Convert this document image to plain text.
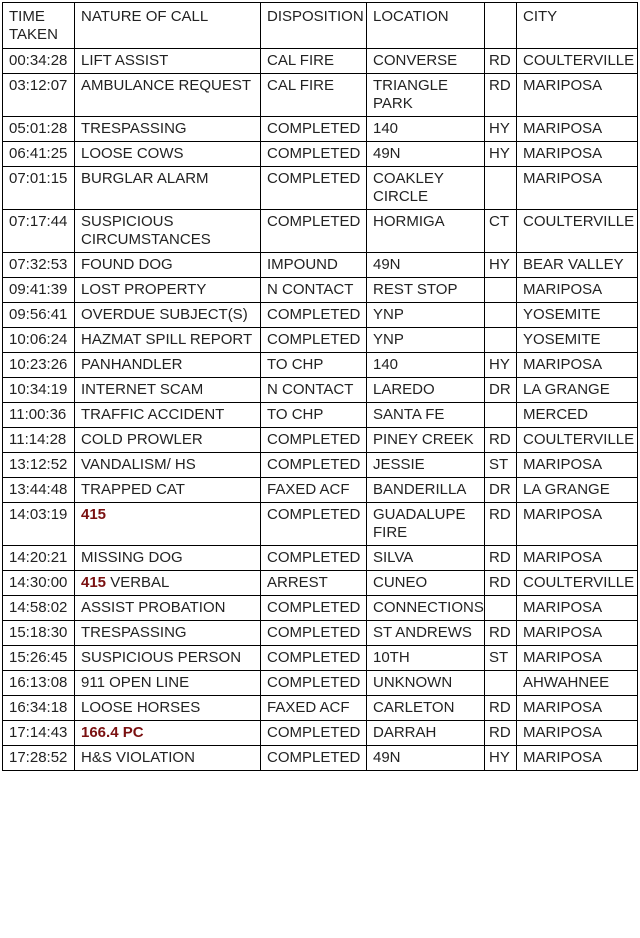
TIME TAKEN	NATURE OF CALL	DISPOSITION	LOCATION		CITY
00:34:28	LIFT ASSIST	CAL FIRE	CONVERSE	RD	COULTERVILLE
03:12:07	AMBULANCE REQUEST	CAL FIRE	TRIANGLE PARK	RD	MARIPOSA
05:01:28	TRESPASSING	COMPLETED	140	HY	MARIPOSA
06:41:25	LOOSE COWS	COMPLETED	49N	HY	MARIPOSA
07:01:15	BURGLAR ALARM	COMPLETED	COAKLEY CIRCLE		MARIPOSA
07:17:44	SUSPICIOUS CIRCUMSTANCES	COMPLETED	HORMIGA	CT	COULTERVILLE
07:32:53	FOUND DOG	IMPOUND	49N	HY	BEAR VALLEY
09:41:39	LOST PROPERTY	N CONTACT	REST STOP		MARIPOSA
09:56:41	OVERDUE SUBJECT(S)	COMPLETED	YNP		YOSEMITE
10:06:24	HAZMAT SPILL REPORT	COMPLETED	YNP		YOSEMITE
10:23:26	PANHANDLER	TO CHP	140	HY	MARIPOSA
10:34:19	INTERNET SCAM	N CONTACT	LAREDO	DR	LA GRANGE
11:00:36	TRAFFIC ACCIDENT	TO CHP	SANTA FE		MERCED
11:14:28	COLD PROWLER	COMPLETED	PINEY CREEK	RD	COULTERVILLE
13:12:52	VANDALISM/ HS	COMPLETED	JESSIE	ST	MARIPOSA
13:44:48	TRAPPED CAT	FAXED ACF	BANDERILLA	DR	LA GRANGE
14:03:19	415	COMPLETED	GUADALUPE FIRE	RD	MARIPOSA
14:20:21	MISSING DOG	COMPLETED	SILVA	RD	MARIPOSA
14:30:00	415 VERBAL	ARREST	CUNEO	RD	COULTERVILLE
14:58:02	ASSIST PROBATION	COMPLETED	CONNECTIONS		MARIPOSA
15:18:30	TRESPASSING	COMPLETED	ST ANDREWS	RD	MARIPOSA
15:26:45	SUSPICIOUS PERSON	COMPLETED	10TH	ST	MARIPOSA
16:13:08	911 OPEN LINE	COMPLETED	UNKNOWN		AHWAHNEE
16:34:18	LOOSE HORSES	FAXED ACF	CARLETON	RD	MARIPOSA
17:14:43	166.4 PC	COMPLETED	DARRAH	RD	MARIPOSA
17:28:52	H&S VIOLATION	COMPLETED	49N	HY	MARIPOSA
